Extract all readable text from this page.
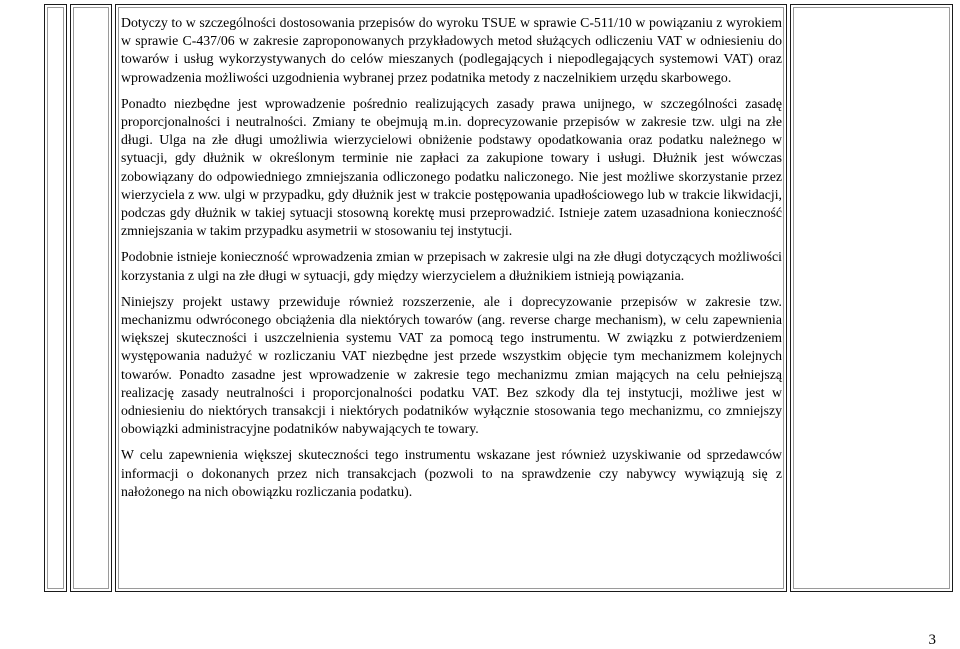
Dotyczy to w szczególności dostosowania przepisów do wyroku TSUE w sprawie C-511/10 w powiązaniu z wyrokiem w sprawie C-437/06 w zakresie zaproponowanych przykładowych metod służących odliczeniu VAT w odniesieniu do towarów i usług wykorzystywanych do celów mieszanych (podlegających i niepodlegających systemowi VAT) oraz wprowadzenia możliwości uzgodnienia wybranej przez podatnika metody z naczelnikiem urzędu skarbowego.

Ponadto niezbędne jest wprowadzenie pośrednio realizujących zasady prawa unijnego, w szczególności zasadę proporcjonalności i neutralności. Zmiany te obejmują m.in. doprecyzowanie przepisów w zakresie tzw. ulgi na złe długi. Ulga na złe długi umożliwia wierzycielowi obniżenie podstawy opodatkowania oraz podatku należnego w sytuacji, gdy dłużnik w określonym terminie nie zapłaci za zakupione towary i usługi. Dłużnik jest wówczas zobowiązany do odpowiedniego zmniejszania odliczonego podatku naliczonego. Nie jest możliwe skorzystanie przez wierzyciela z ww. ulgi w przypadku, gdy dłużnik jest w trakcie postępowania upadłościowego lub w trakcie likwidacji, podczas gdy dłużnik w takiej sytuacji stosowną korektę musi przeprowadzić. Istnieje zatem uzasadniona konieczność zmniejszania w takim przypadku asymetrii w stosowaniu tej instytucji.

Podobnie istnieje konieczność wprowadzenia zmian w przepisach w zakresie ulgi na złe długi dotyczących możliwości korzystania z ulgi na złe długi w sytuacji, gdy między wierzycielem a dłużnikiem istnieją powiązania.

Niniejszy projekt ustawy przewiduje również rozszerzenie, ale i doprecyzowanie przepisów w zakresie tzw. mechanizmu odwróconego obciążenia dla niektórych towarów (ang. reverse charge mechanism), w celu zapewnienia większej skuteczności i uszczelnienia systemu VAT za pomocą tego instrumentu. W związku z potwierdzeniem występowania nadużyć w rozliczaniu VAT niezbędne jest przede wszystkim objęcie tym mechanizmem kolejnych towarów. Ponadto zasadne jest wprowadzenie w zakresie tego mechanizmu zmian mających na celu pełniejszą realizację zasady neutralności i proporcjonalności podatku VAT. Bez szkody dla tej instytucji, możliwe jest w odniesieniu do niektórych transakcji i niektórych podatników wyłącznie stosowania tego mechanizmu, co zmniejszy obowiązki administracyjne podatników nabywających te towary.

W celu zapewnienia większej skuteczności tego instrumentu wskazane jest również uzyskiwanie od sprzedawców informacji o dokonanych przez nich transakcjach (pozwoli to na sprawdzenie czy nabywcy wywiązują się z nałożonego na nich obowiązku rozliczania podatku).

3
